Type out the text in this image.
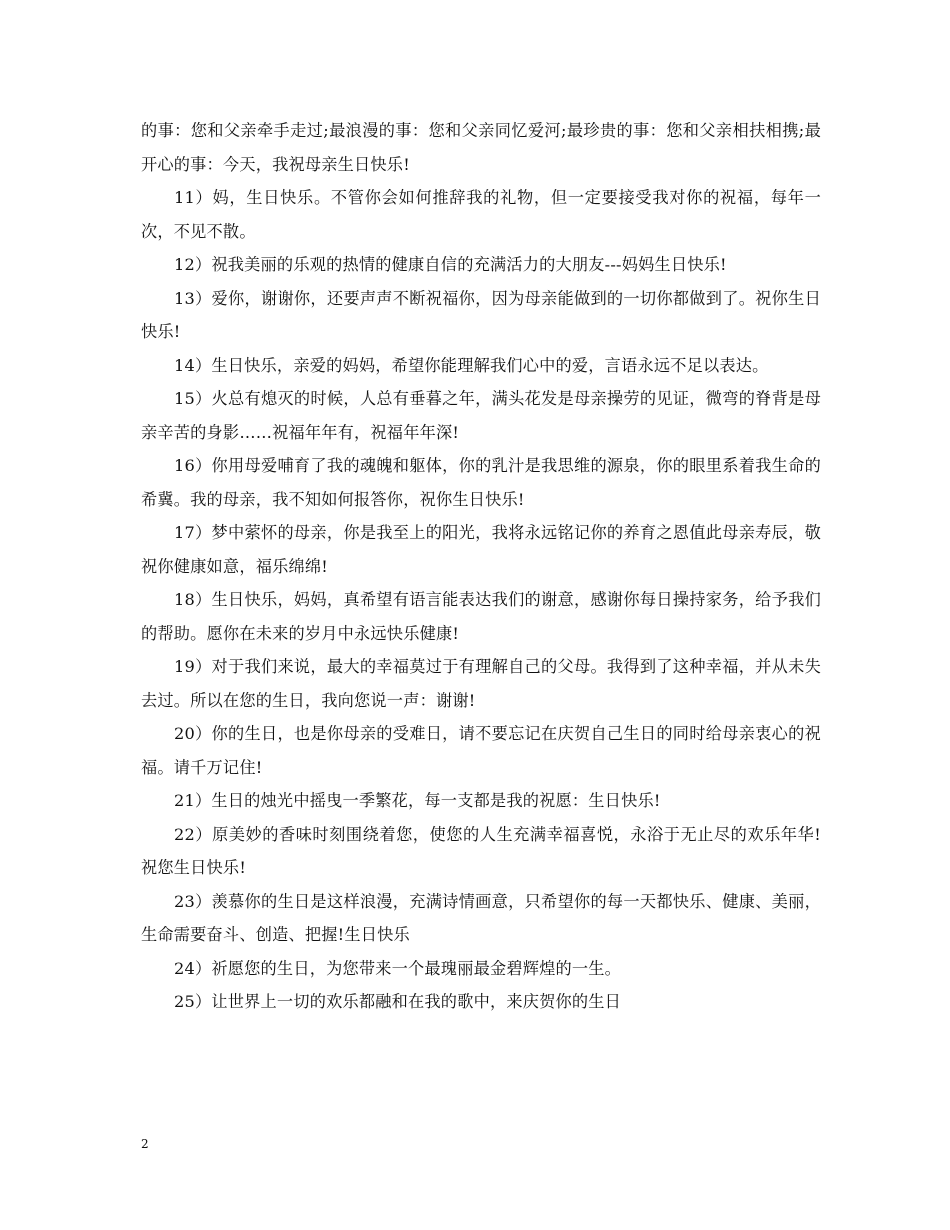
的事：您和父亲牵手走过;最浪漫的事：您和父亲同忆爱河;最珍贵的事：您和父亲相扶相携;最开心的事：今天，我祝母亲生日快乐!

11）妈，生日快乐。不管你会如何推辞我的礼物，但一定要接受我对你的祝福，每年一次，不见不散。

12）祝我美丽的乐观的热情的健康自信的充满活力的大朋友---妈妈生日快乐!

13）爱你，谢谢你，还要声声不断祝福你，因为母亲能做到的一切你都做到了。祝你生日快乐!

14）生日快乐，亲爱的妈妈，希望你能理解我们心中的爱，言语永远不足以表达。

15）火总有熄灭的时候，人总有垂暮之年，满头花发是母亲操劳的见证，微弯的脊背是母亲辛苦的身影……祝福年年有，祝福年年深!

16）你用母爱哺育了我的魂魄和躯体，你的乳汁是我思维的源泉，你的眼里系着我生命的希冀。我的母亲，我不知如何报答你，祝你生日快乐!

17）梦中萦怀的母亲，你是我至上的阳光，我将永远铭记你的养育之恩值此母亲寿辰，敬祝你健康如意，福乐绵绵!

18）生日快乐，妈妈，真希望有语言能表达我们的谢意，感谢你每日操持家务，给予我们的帮助。愿你在未来的岁月中永远快乐健康!

19）对于我们来说，最大的幸福莫过于有理解自己的父母。我得到了这种幸福，并从未失去过。所以在您的生日，我向您说一声：谢谢!

20）你的生日，也是你母亲的受难日，请不要忘记在庆贺自己生日的同时给母亲衷心的祝福。请千万记住!

21）生日的烛光中摇曳一季繁花，每一支都是我的祝愿：生日快乐!

22）原美妙的香味时刻围绕着您，使您的人生充满幸福喜悦，永浴于无止尽的欢乐年华!祝您生日快乐!

23）羡慕你的生日是这样浪漫，充满诗情画意，只希望你的每一天都快乐、健康、美丽，生命需要奋斗、创造、把握!生日快乐

24）祈愿您的生日，为您带来一个最瑰丽最金碧辉煌的一生。

25）让世界上一切的欢乐都融和在我的歌中，来庆贺你的生日

2
